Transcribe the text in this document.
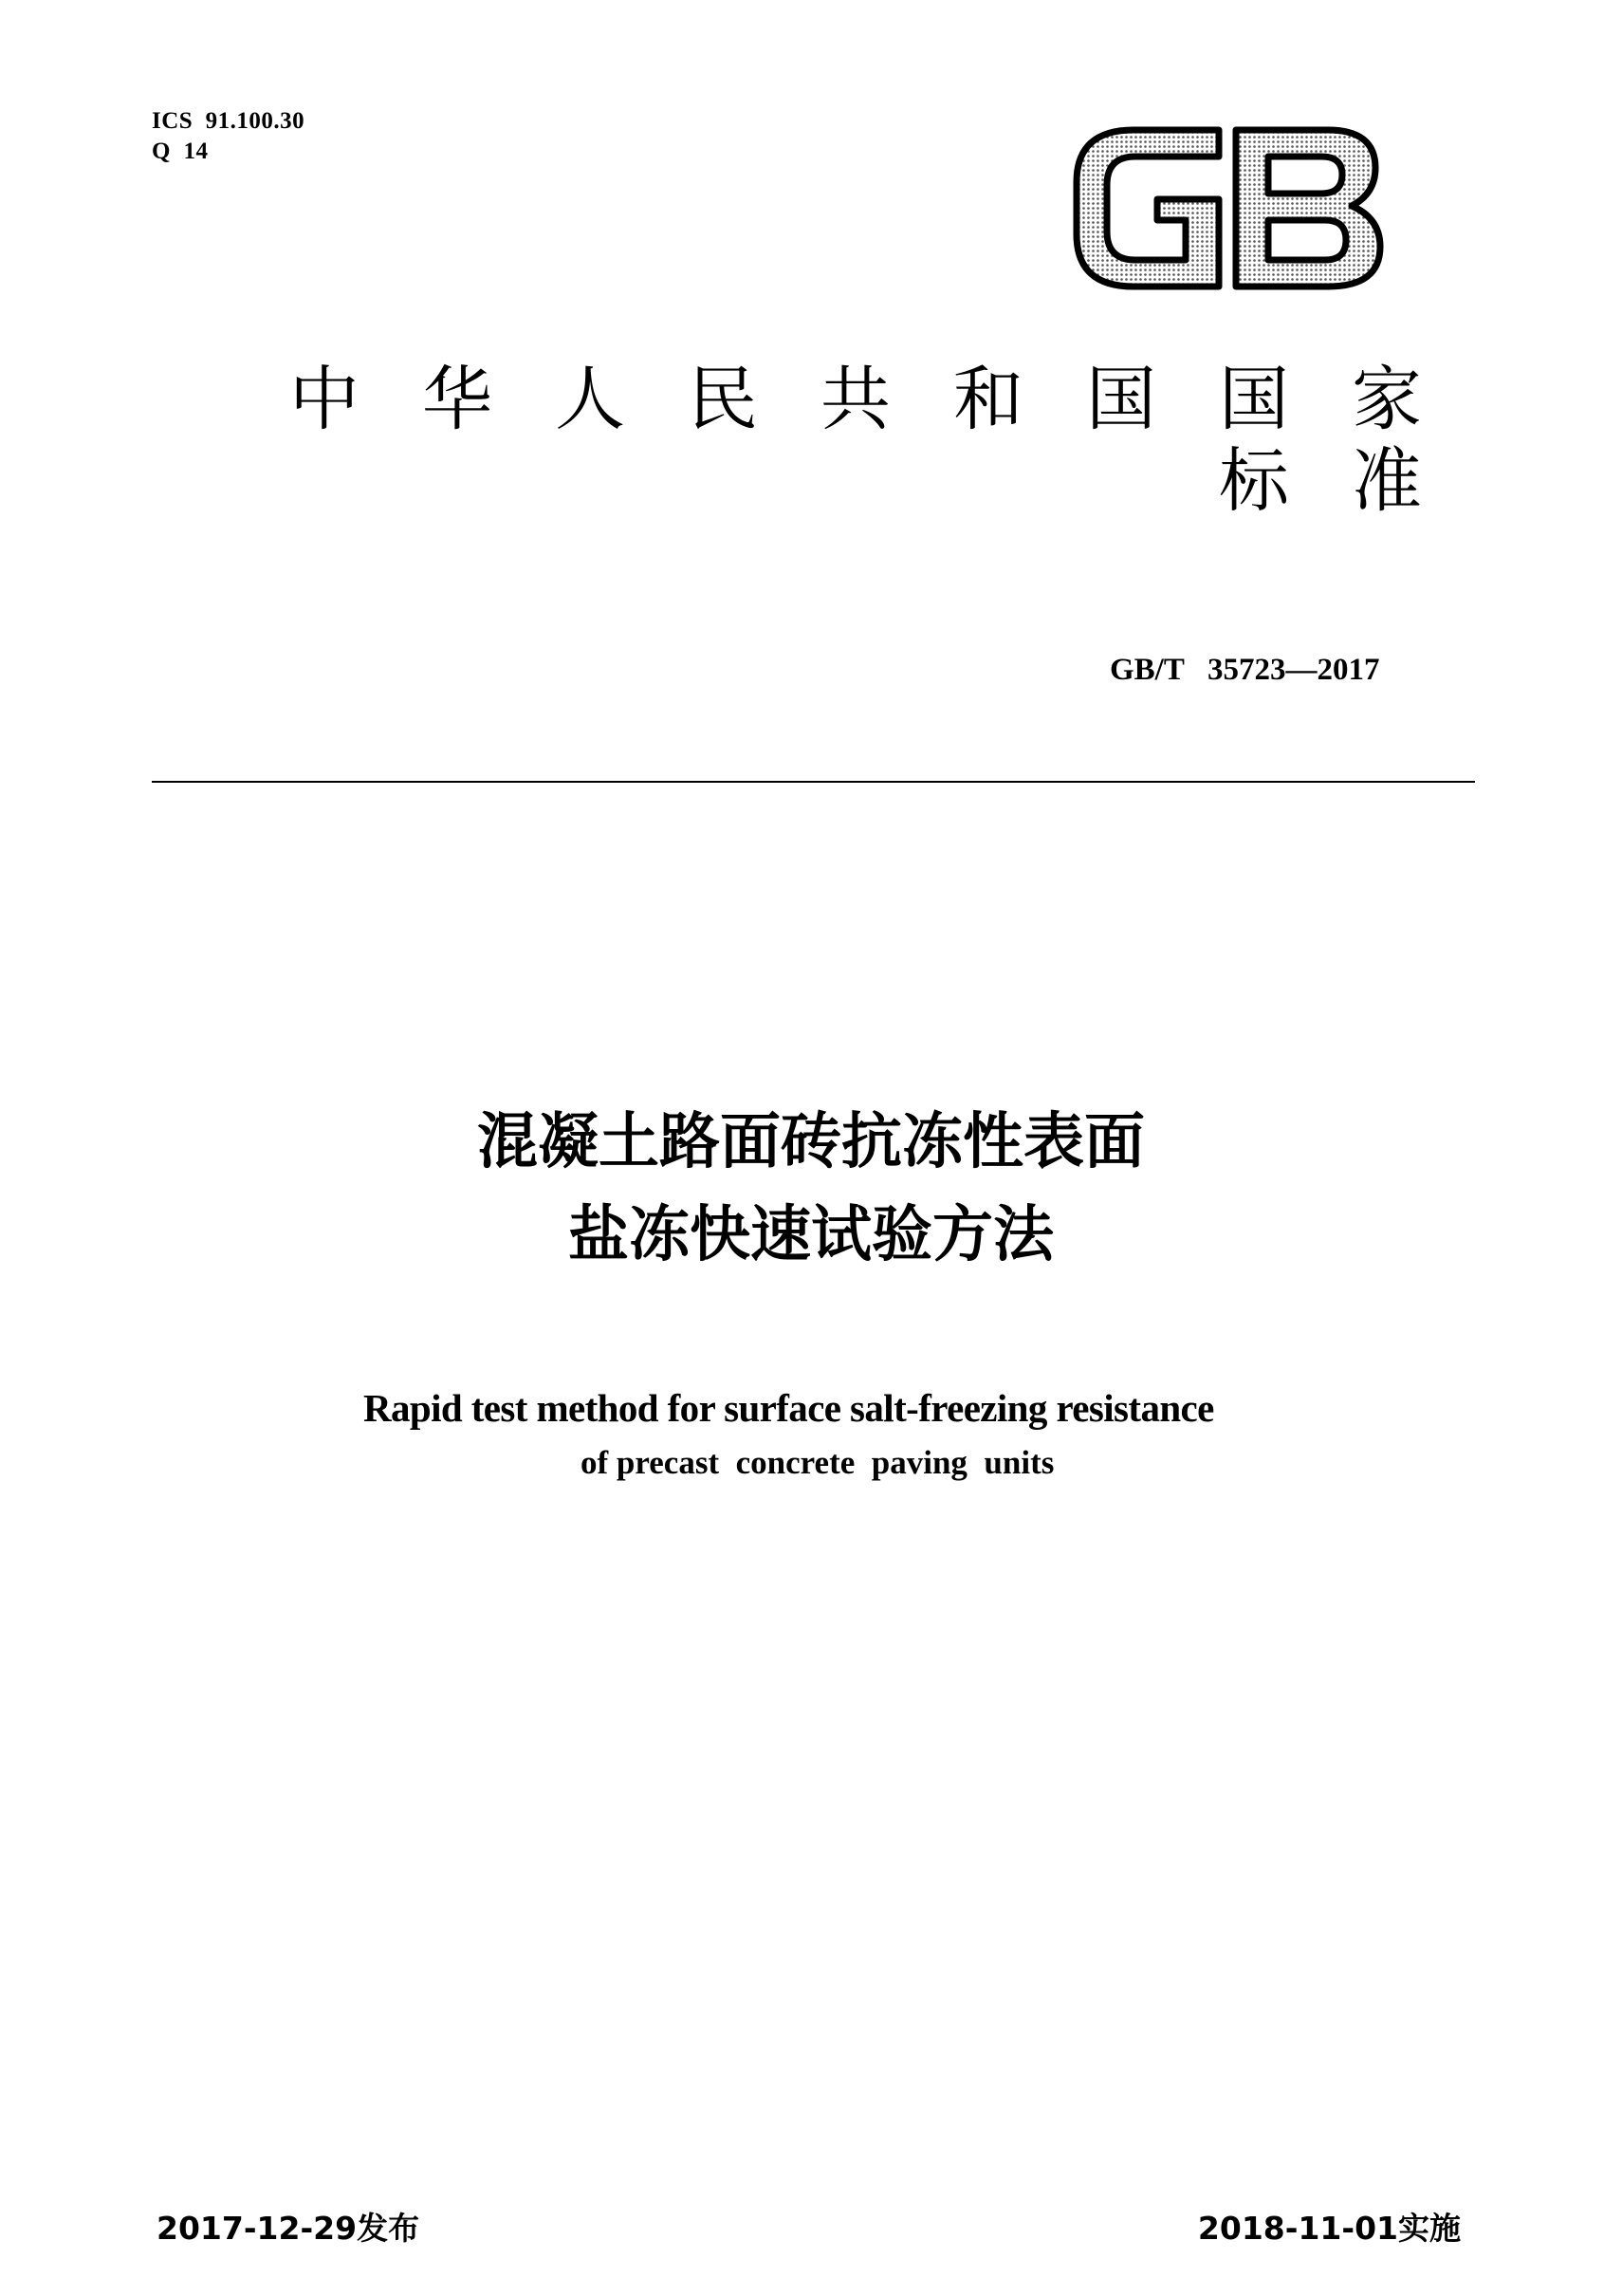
ICS  91.100.30
Q  14
中华人民共和国国家标准
GB/T   35723—2017
混凝土路面砖抗冻性表面
盐冻快速试验方法
Rapid test method for surface salt-freezing resistance
of precast  concrete  paving  units
2017-12-29发布	2018-11-01实施
